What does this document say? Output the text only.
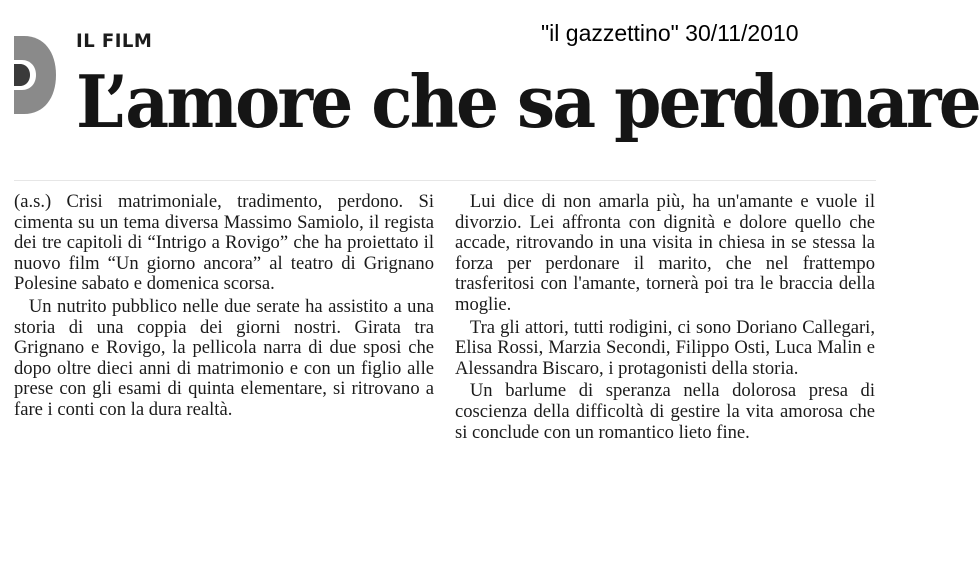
IL FILM	"il gazzettino" 30/11/2010
L’amore che sa perdonare

(a.s.) Crisi matrimoniale, tradimento, perdono. Si cimenta su un tema diversa Massimo Samiolo, il regista dei tre capitoli di “Intrigo a Rovigo” che ha proiettato il nuovo film “Un giorno ancora” al teatro di Grignano Polesine sabato e domenica scorsa.

Un nutrito pubblico nelle due serate ha assistito a una storia di una coppia dei giorni nostri. Girata tra Grignano e Rovigo, la pellicola narra di due sposi che dopo oltre dieci anni di matrimonio e con un figlio alle prese con gli esami di quinta elementare, si ritrovano a fare i conti con la dura realtà.

Lui dice di non amarla più, ha un'amante e vuole il divorzio. Lei affronta con dignità e dolore quello che accade, ritrovando in una visita in chiesa in se stessa la forza per perdonare il marito, che nel frattempo trasferitosi con l'amante, tornerà poi tra le braccia della moglie.

Tra gli attori, tutti rodigini, ci sono Doriano Callegari, Elisa Rossi, Marzia Secondi, Filippo Osti, Luca Malin e Alessandra Biscaro, i protagonisti della storia.

Un barlume di speranza nella dolorosa presa di coscienza della difficoltà di gestire la vita amorosa che si conclude con un romantico lieto fine.
